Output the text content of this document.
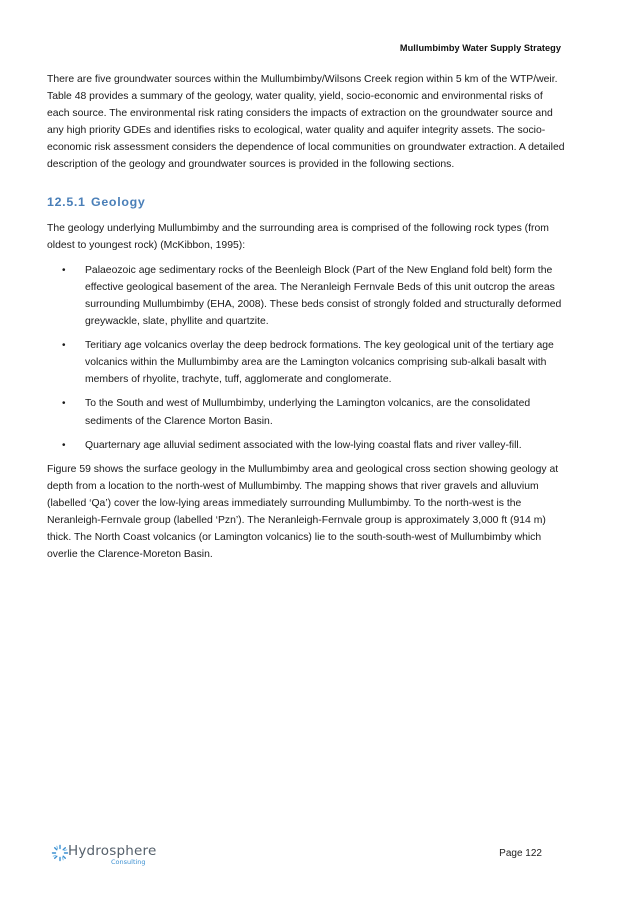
Mullumbimby Water Supply Strategy

There are five groundwater sources within the Mullumbimby/Wilsons Creek region within 5 km of the WTP/weir. Table 48 provides a summary of the geology, water quality, yield, socio-economic and environmental risks of each source. The environmental risk rating considers the impacts of extraction on the groundwater source and any high priority GDEs and identifies risks to ecological, water quality and aquifer integrity assets. The socio-economic risk assessment considers the dependence of local communities on groundwater extraction. A detailed description of the geology and groundwater sources is provided in the following sections.

12.5.1 Geology

The geology underlying Mullumbimby and the surrounding area is comprised of the following rock types (from oldest to youngest rock) (McKibbon, 1995):

• Palaeozoic age sedimentary rocks of the Beenleigh Block (Part of the New England fold belt) form the effective geological basement of the area. The Neranleigh Fernvale Beds of this unit outcrop the areas surrounding Mullumbimby (EHA, 2008). These beds consist of strongly folded and structurally deformed greywackle, slate, phyllite and quartzite.
• Teritiary age volcanics overlay the deep bedrock formations. The key geological unit of the tertiary age volcanics within the Mullumbimby area are the Lamington volcanics comprising sub-alkali basalt with members of rhyolite, trachyte, tuff, agglomerate and conglomerate.
• To the South and west of Mullumbimby, underlying the Lamington volcanics, are the consolidated sediments of the Clarence Morton Basin.
• Quarternary age alluvial sediment associated with the low-lying coastal flats and river valley-fill.

Figure 59 shows the surface geology in the Mullumbimby area and geological cross section showing geology at depth from a location to the north-west of Mullumbimby. The mapping shows that river gravels and alluvium (labelled ‘Qa’) cover the low-lying areas immediately surrounding Mullumbimby. To the north-west is the Neranleigh-Fernvale group (labelled ‘Pzn’). The Neranleigh-Fernvale group is approximately 3,000 ft (914 m) thick. The North Coast volcanics (or Lamington volcanics) lie to the south-south-west of Mullumbimby which overlie the Clarence-Moreton Basin.

Hydrosphere
Consulting
Page 122
